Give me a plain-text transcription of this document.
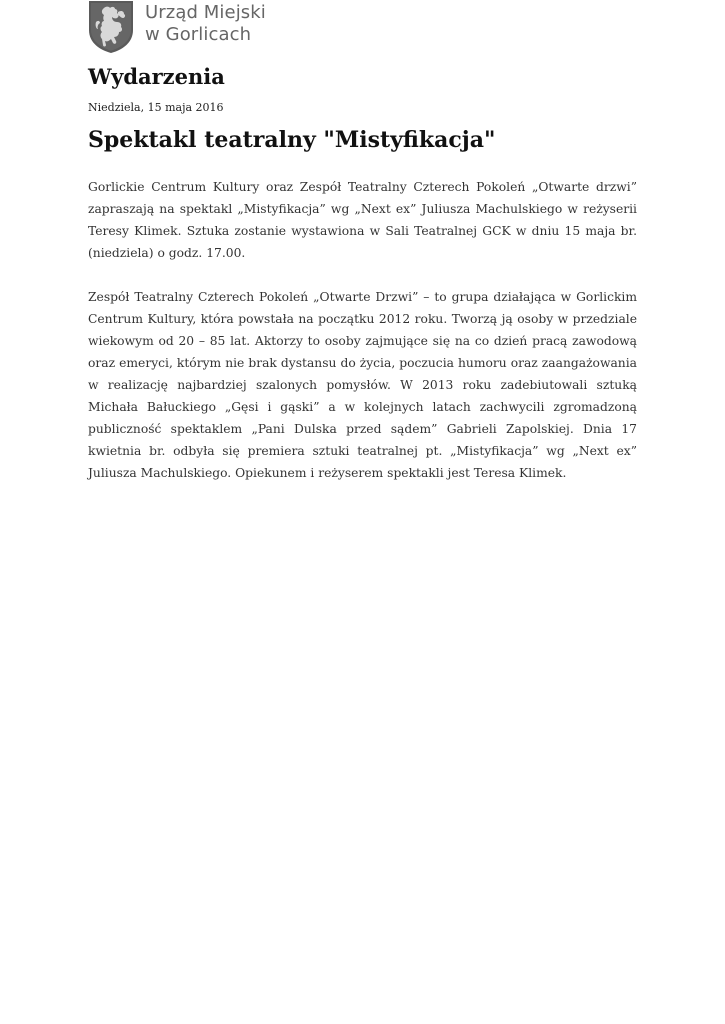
Urząd Miejski
w Gorlicach
Wydarzenia
Niedziela, 15 maja 2016
Spektakl teatralny "Mistyfikacja"

Gorlickie Centrum Kultury oraz Zespół Teatralny Czterech Pokoleń „Otwarte drzwi” zapraszają na spektakl „Mistyfikacja” wg „Next ex” Juliusza Machulskiego w reżyserii Teresy Klimek. Sztuka zostanie wystawiona w Sali Teatralnej GCK w dniu 15 maja br. (niedziela) o godz. 17.00.

Zespół Teatralny Czterech Pokoleń „Otwarte Drzwi” – to grupa działająca w Gorlickim Centrum Kultury, która powstała na początku 2012 roku. Tworzą ją osoby w przedziale wiekowym od 20 – 85 lat. Aktorzy to osoby zajmujące się na co dzień pracą zawodową oraz emeryci, którym nie brak dystansu do życia, poczucia humoru oraz zaangażowania w realizację najbardziej szalonych pomysłów. W 2013 roku zadebiutowali sztuką Michała Bałuckiego „Gęsi i gąski” a w kolejnych latach zachwycili zgromadzoną publiczność spektaklem „Pani Dulska przed sądem” Gabrieli Zapolskiej. Dnia 17 kwietnia br. odbyła się premiera sztuki teatralnej pt. „Mistyfikacja” wg „Next ex” Juliusza Machulskiego. Opiekunem i reżyserem spektakli jest Teresa Klimek.
